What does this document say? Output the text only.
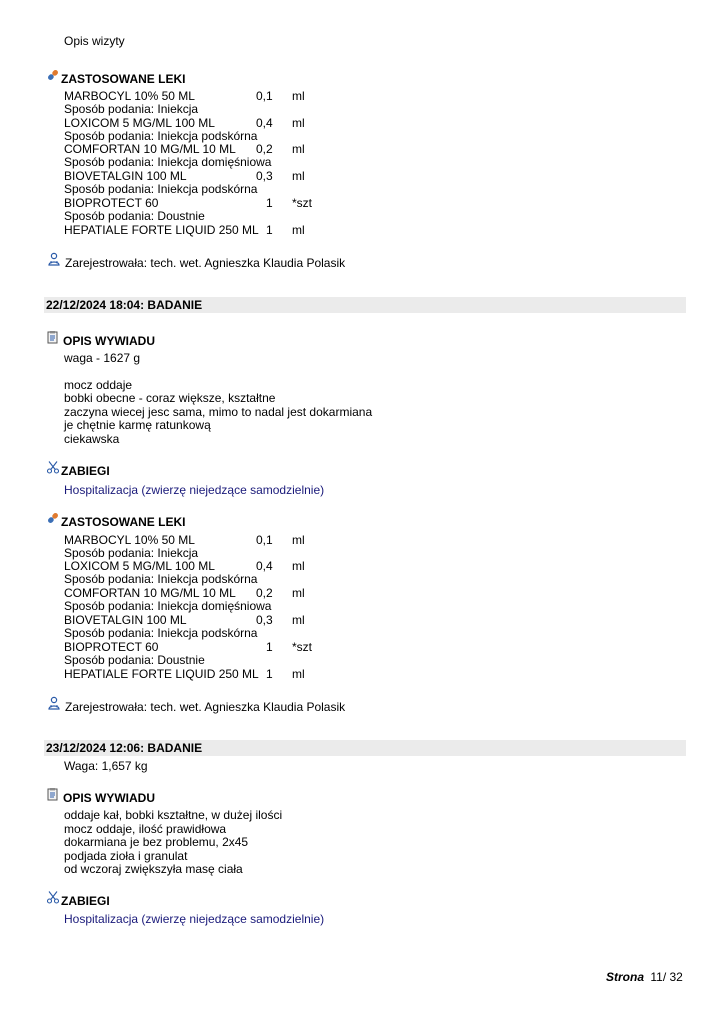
Opis wizyty
ZASTOSOWANE LEKI
MARBOCYL 10% 50 ML	0,1 ml
Sposób podania: Iniekcja
LOXICOM 5 MG/ML 100 ML	0,4 ml
Sposób podania: Iniekcja podskórna
COMFORTAN 10 MG/ML 10 ML 0,2 ml
Sposób podania: Iniekcja domięśniowa
BIOVETALGIN 100 ML	0,3 ml
Sposób podania: Iniekcja podskórna
BIOPROTECT 60	1 *szt
Sposób podania: Doustnie
HEPATIALE FORTE LIQUID 250 ML 1 ml
Zarejestrowała: tech. wet. Agnieszka Klaudia Polasik
22/12/2024 18:04: BADANIE
OPIS WYWIADU
waga - 1627 g
mocz oddaje
bobki obecne - coraz większe, kształtne
zaczyna wiecej jesc sama, mimo to nadal jest dokarmiana
je chętnie karmę ratunkową
ciekawska
ZABIEGI
Hospitalizacja (zwierzę niejedzące samodzielnie)
ZASTOSOWANE LEKI
MARBOCYL 10% 50 ML	0,1 ml
Sposób podania: Iniekcja
LOXICOM 5 MG/ML 100 ML	0,4 ml
Sposób podania: Iniekcja podskórna
COMFORTAN 10 MG/ML 10 ML 0,2 ml
Sposób podania: Iniekcja domięśniowa
BIOVETALGIN 100 ML	0,3 ml
Sposób podania: Iniekcja podskórna
BIOPROTECT 60	1 *szt
Sposób podania: Doustnie
HEPATIALE FORTE LIQUID 250 ML 1 ml
Zarejestrowała: tech. wet. Agnieszka Klaudia Polasik
23/12/2024 12:06: BADANIE
Waga: 1,657 kg
OPIS WYWIADU
oddaje kał, bobki kształtne, w dużej ilości
mocz oddaje, ilość prawidłowa
dokarmiana je bez problemu, 2x45
podjada zioła i granulat
od wczoraj zwiększyła masę ciała
ZABIEGI
Hospitalizacja (zwierzę niejedzące samodzielnie)
Strona 11/ 32
